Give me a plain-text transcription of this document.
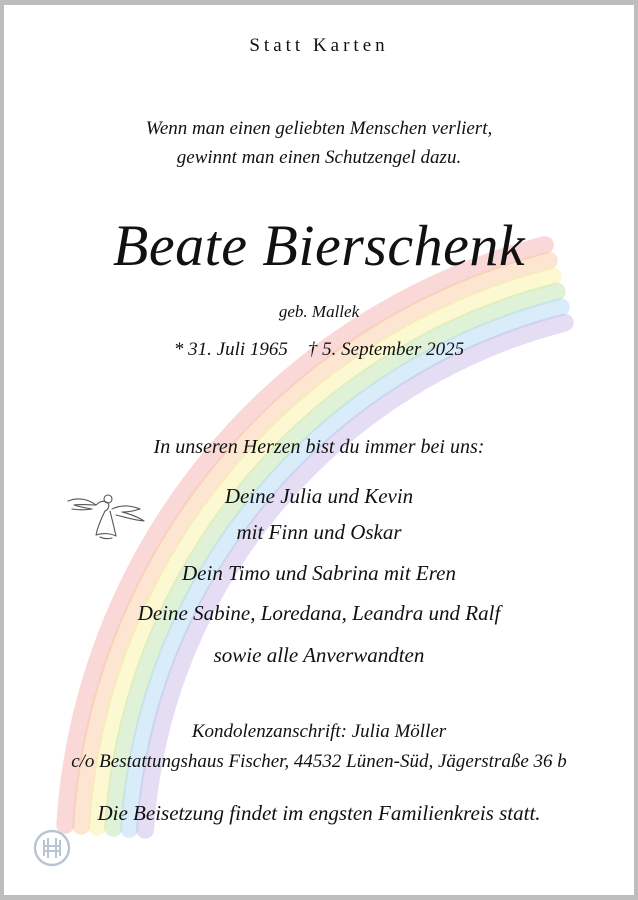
Statt Karten
Wenn man einen geliebten Menschen verliert,
gewinnt man einen Schutzengel dazu.
Beate Bierschenk
geb. Mallek
* 31. Juli 1965 † 5. September 2025
In unseren Herzen bist du immer bei uns:
Deine Julia und Kevin
mit Finn und Oskar
Dein Timo und Sabrina mit Eren
Deine Sabine, Loredana, Leandra und Ralf
sowie alle Anverwandten
Kondolenzanschrift: Julia Möller
c/o Bestattungshaus Fischer, 44532 Lünen-Süd, Jägerstraße 36 b
Die Beisetzung findet im engsten Familienkreis statt.
